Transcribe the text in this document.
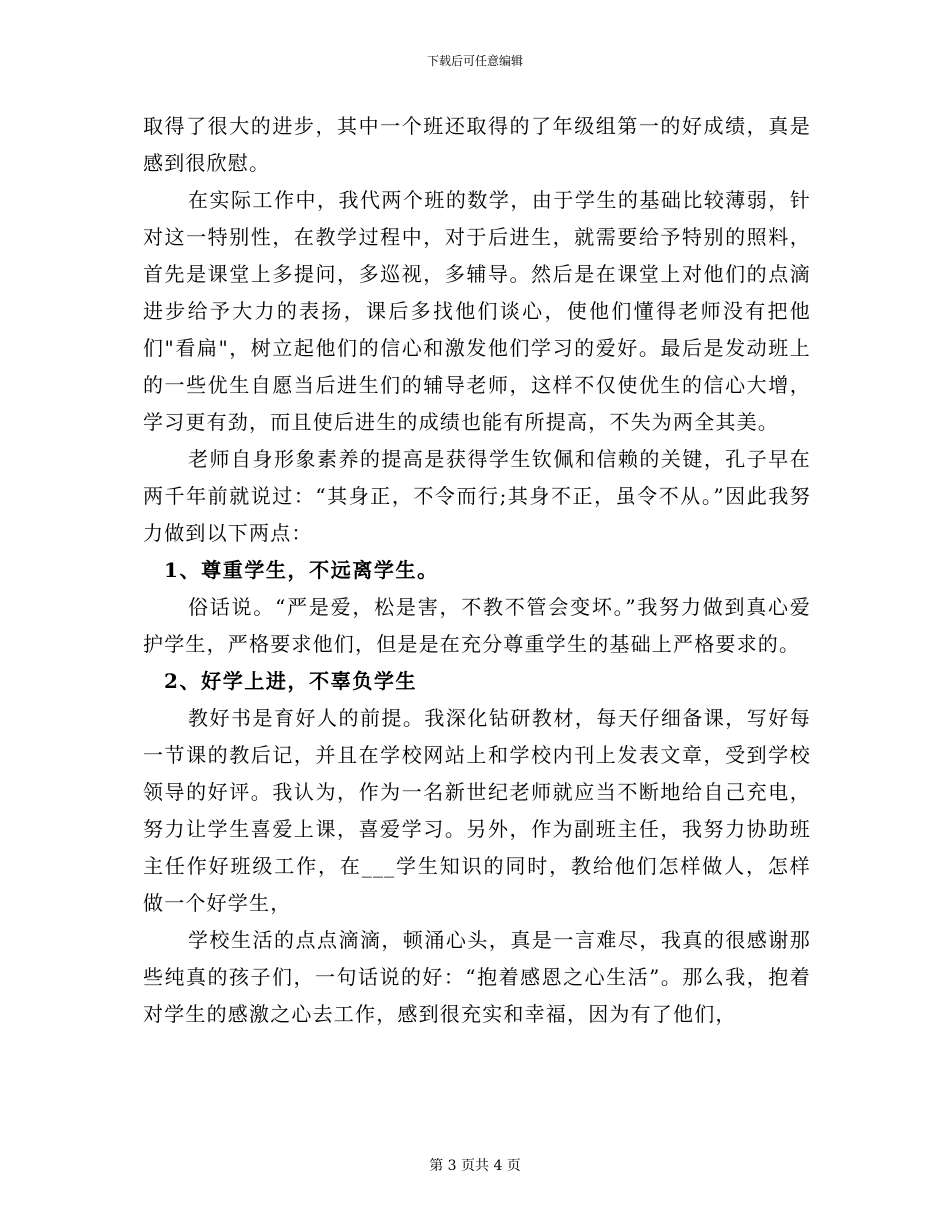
下载后可任意编辑

取得了很大的进步，其中一个班还取得的了年级组第一的好成绩，真是感到很欣慰。

在实际工作中，我代两个班的数学，由于学生的基础比较薄弱，针对这一特别性，在教学过程中，对于后进生，就需要给予特别的照料，首先是课堂上多提问，多巡视，多辅导。然后是在课堂上对他们的点滴进步给予大力的表扬，课后多找他们谈心，使他们懂得老师没有把他们"看扁"，树立起他们的信心和激发他们学习的爱好。最后是发动班上的一些优生自愿当后进生们的辅导老师，这样不仅使优生的信心大增，学习更有劲，而且使后进生的成绩也能有所提高，不失为两全其美。

老师自身形象素养的提高是获得学生钦佩和信赖的关键，孔子早在两千年前就说过：“其身正，不令而行;其身不正，虽令不从。”因此我努力做到以下两点：

1、尊重学生，不远离学生。

俗话说。“严是爱，松是害，不教不管会变坏。”我努力做到真心爱护学生，严格要求他们，但是是在充分尊重学生的基础上严格要求的。

2、好学上进，不辜负学生

教好书是育好人的前提。我深化钻研教材，每天仔细备课，写好每一节课的教后记，并且在学校网站上和学校内刊上发表文章，受到学校领导的好评。我认为，作为一名新世纪老师就应当不断地给自己充电，努力让学生喜爱上课，喜爱学习。另外，作为副班主任，我努力协助班主任作好班级工作，在___学生知识的同时，教给他们怎样做人，怎样做一个好学生，

学校生活的点点滴滴，顿涌心头，真是一言难尽，我真的很感谢那些纯真的孩子们，一句话说的好：“抱着感恩之心生活”。那么我，抱着对学生的感激之心去工作，感到很充实和幸福，因为有了他们，

第 3 页共 4 页
